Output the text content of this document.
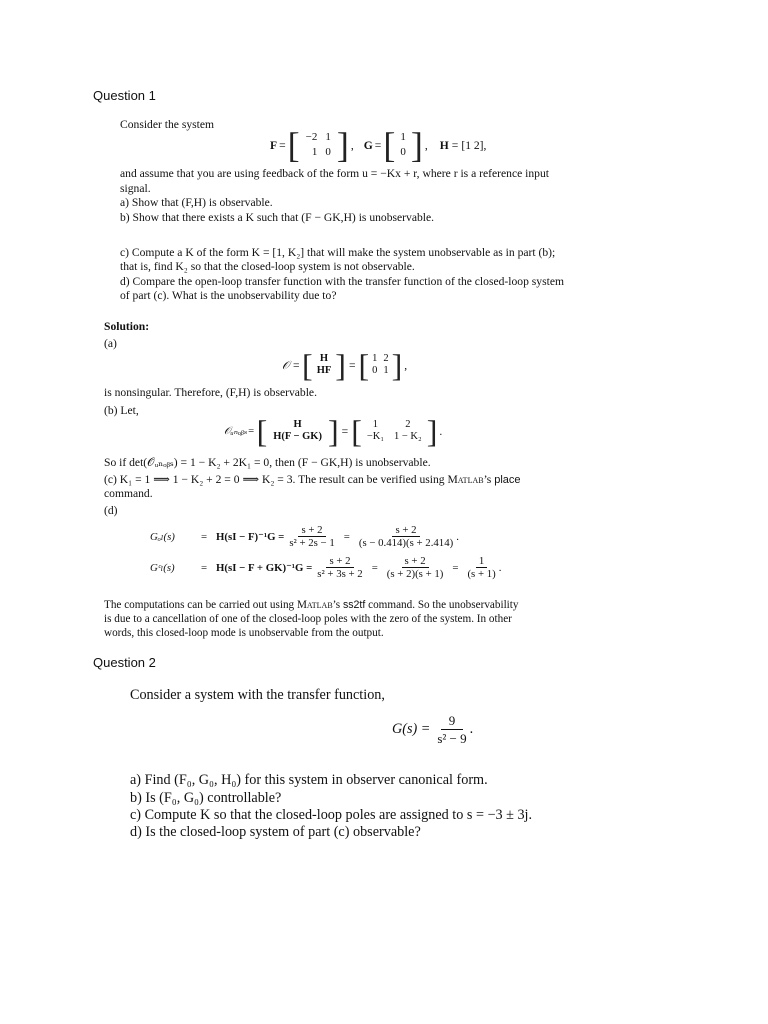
Question 1
Consider the system
F = [ −2	1
1	0 ] , G = [ 1
0 ] , H = [1 2] ,
and assume that you are using feedback of the form u = −Kx + r, where r is a reference input
signal.
a) Show that (F,H) is observable.
b) Show that there exists a K such that (F − GK,H) is unobservable.
c) Compute a K of the form K = [1, K₂] that will make the system unobservable as in part (b);
that is, find K₂ so that the closed-loop system is not observable.
d) Compare the open-loop transfer function with the transfer function of the closed-loop system
of part (c). What is the unobservability due to?
Solution:
(a)
𝒪 = [ H
HF ] = [ 1	2
0	1 ] ,
is nonsingular. Therefore, (F,H) is observable.
(b) Let,
𝒪ᵤₙₒᵦₛ= [	H
H(F − GK) ] = [ 1	2
−K₁	1 − K₂ ] .
So if det(𝒪ᵤₙₒᵦₛ) = 1 − K₂ + 2K₁ = 0, then (F − GK,H) is unobservable.
(c) K₁ = 1 ⟹ 1 − K₂ + 2 = 0 ⟹ K₂ = 3. The result can be verified using Matlab’s place
command.
(d)
Gₒₗ(s)	= $H(sI - F)^{-1}G = \frac{s + 2}{\text{s² + 2s − 1}} = \frac{s + 2}{(s - 0.414)(s + 2.414)}$ .
Gᶜₗ(s)	= $H(sI - F + GK)^{-1}G = \frac{s + 2}{\text{s² + 3s + 2}} = \frac{s + 2}{(s + 2)(s + 1)} = \frac{1}{(s + 1)}$ .
The computations can be carried out using Matlab’s ss2tf command. So the unobservability
is due to a cancellation of one of the closed-loop poles with the zero of the system. In other
words, this closed-loop mode is unobservable from the output.
Question 2
Consider a system with the transfer function,
$G(s) = \frac{9}{\text{s² − 9}}$ .
a) Find (F₀, G₀, H₀) for this system in observer canonical form.
b) Is (F₀, G₀) controllable?
c) Compute K so that the closed-loop poles are assigned to s = −3 ± 3j.
d) Is the closed-loop system of part (c) observable?
